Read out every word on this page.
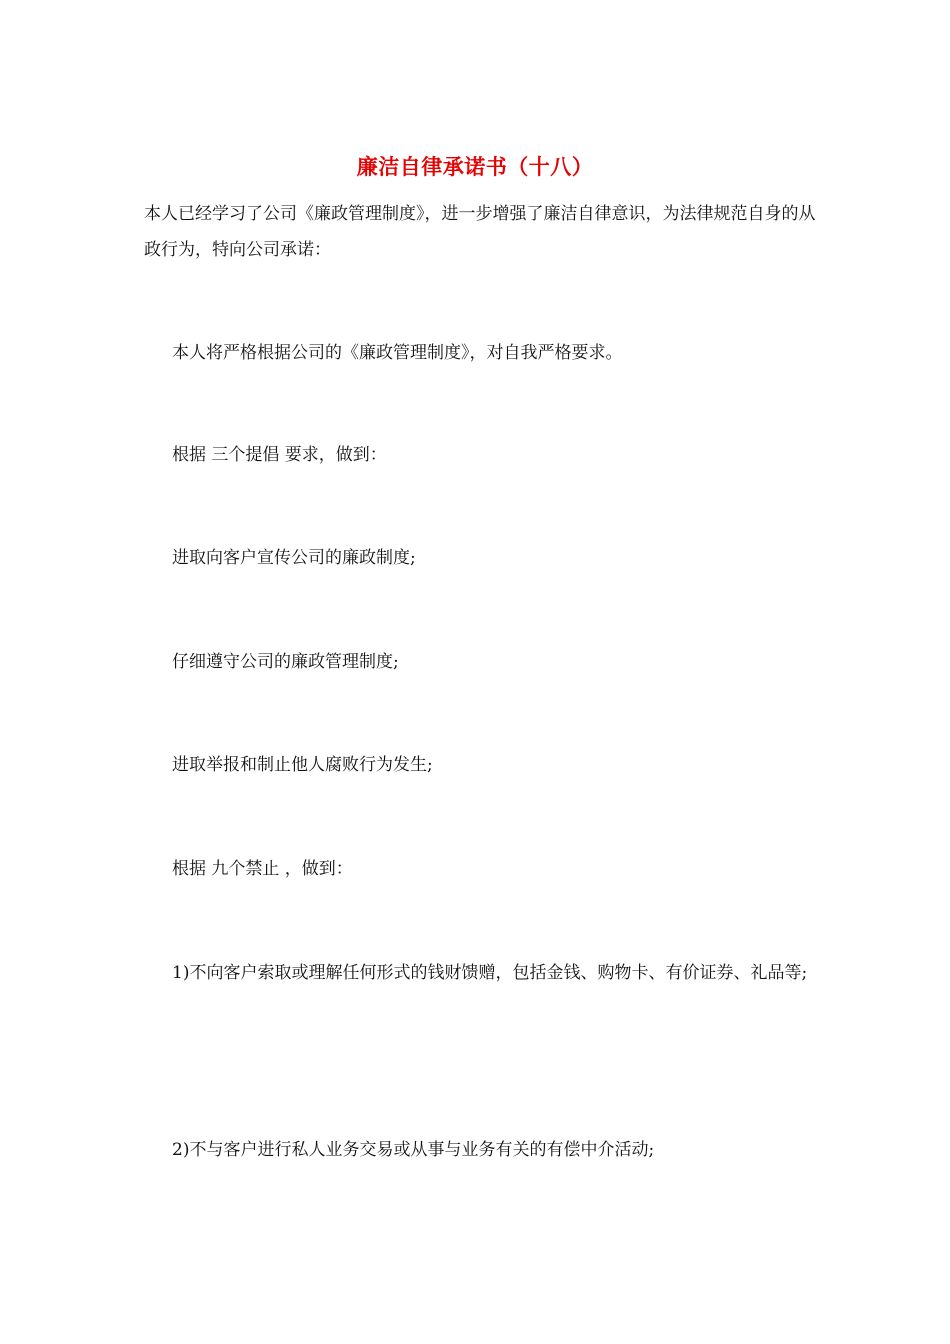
廉洁自律承诺书（十八）
本人已经学习了公司《廉政管理制度》，进一步增强了廉洁自律意识，为法律规范自身的从政行为，特向公司承诺：
本人将严格根据公司的《廉政管理制度》，对自我严格要求。
根据 三个提倡 要求，做到：
进取向客户宣传公司的廉政制度;
仔细遵守公司的廉政管理制度;
进取举报和制止他人腐败行为发生;
根据 九个禁止 ，做到：
1)不向客户索取或理解任何形式的钱财馈赠，包括金钱、购物卡、有价证券、礼品等;
2)不与客户进行私人业务交易或从事与业务有关的有偿中介活动;
